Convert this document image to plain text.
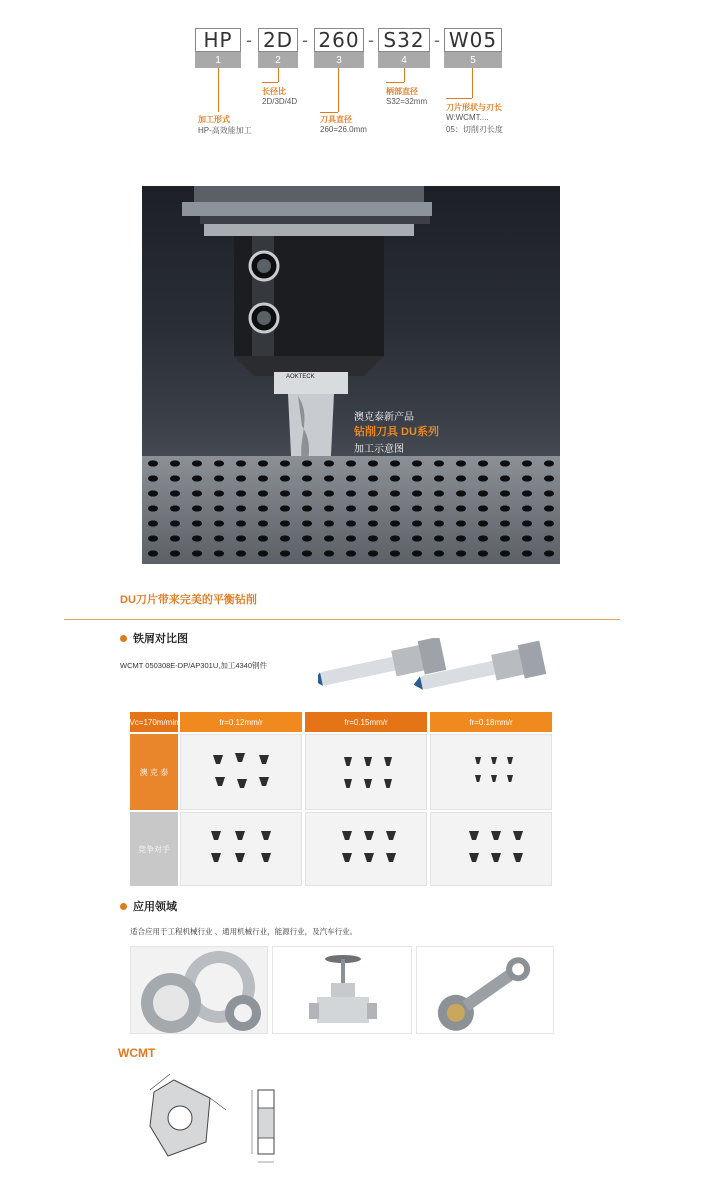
HP
1
- 2D
2
- 260
3
- S32
4
- W05
5
加工形式
HP-高效能加工
长径比
2D/3D/4D
刀具直径
260=26.0mm
柄部直径
S32=32mm
刀片形状与刃长
W:WCMT....
05：切削刃长度
AOKTECK
澳克泰新产品
钻削刀具 DU系列
加工示意图
DU刀片带来完美的平衡钻削
铁屑对比图
WCMT 050308E-DP/AP301U,加工4340钢件
Vc=170m/min	fr=0.12mm/r	fr=0.15mm/r	fr=0.18mm/r
澳 克 泰
竞争对手
应用领域
适合应用于工程机械行业 、通用机械行业，能源行业，及汽车行业。
WCMT
